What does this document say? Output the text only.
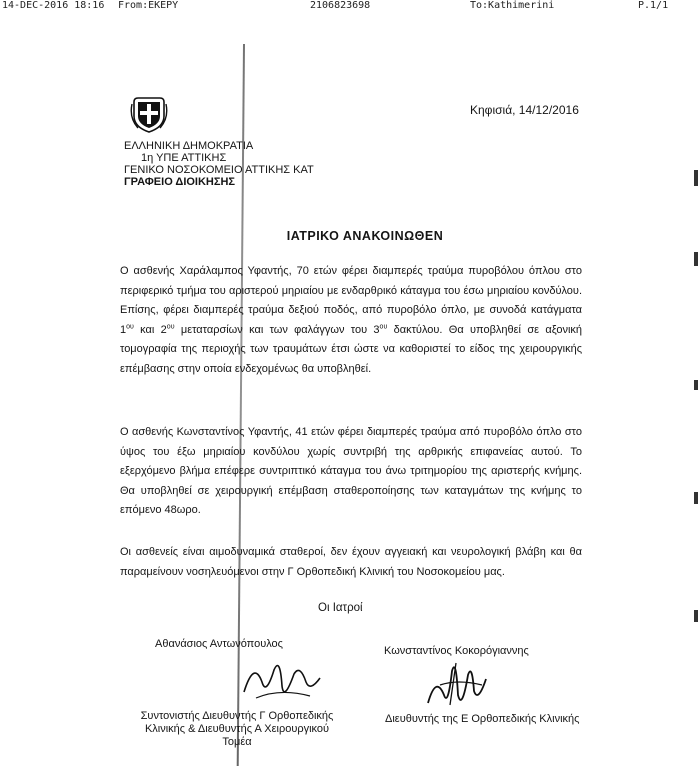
14-DEC-2016 18:16 From:EKEPY	2106823698	To:Kathimerini	P.1/1
ΕΛΛΗΝΙΚΗ ΔΗΜΟΚΡΑΤΙΑ
1η ΥΠΕ ΑΤΤΙΚΗΣ
ΓΕΝΙΚΟ ΝΟΣΟΚΟΜΕΙΟ ΑΤΤΙΚΗΣ ΚΑΤ
ΓΡΑΦΕΙΟ ΔΙΟΙΚΗΣΗΣ
Κηφισιά, 14/12/2016
ΙΑΤΡΙΚΟ ΑΝΑΚΟΙΝΩΘΕΝ
Ο ασθενής Χαράλαμπος Υφαντής, 70 ετών φέρει διαμπερές τραύμα πυροβόλου όπλου στο περιφερικό τμήμα του αριστερού μηριαίου με ενδαρθρικό κάταγμα του έσω μηριαίου κονδύλου. Επίσης, φέρει διαμπερές τραύμα δεξιού ποδός, από πυροβόλο όπλο, με συνοδά κατάγματα $1^{o\upsilon}$ και $2^{o\upsilon}$ μεταταρσίων και των φαλάγγων του $3^{o\upsilon}$ δακτύλου. Θα υποβληθεί σε αξονική τομογραφία της περιοχής των τραυμάτων έτσι ώστε να καθοριστεί το είδος της χειρουργικής επέμβασης στην οποία ενδεχομένως θα υποβληθεί.
Ο ασθενής Κωνσταντίνος Υφαντής, 41 ετών φέρει διαμπερές τραύμα από πυροβόλο όπλο στο ύψος του έξω μηριαίου κονδύλου χωρίς συντριβή της αρθρικής επιφανείας αυτού. Το εξερχόμενο βλήμα επέφερε συντριπτικό κάταγμα του άνω τριτημορίου της αριστερής κνήμης. Θα υποβληθεί σε χειρουργική επέμβαση σταθεροποίησης των καταγμάτων της κνήμης το επόμενο 48ωρο.
Οι ασθενείς είναι αιμοδυναμικά σταθεροί, δεν έχουν αγγειακή και νευρολογική βλάβη και θα παραμείνουν νοσηλευόμενοι στην Γ Ορθοπεδική Κλινική του Νοσοκομείου μας.
Οι Ιατροί
Αθανάσιος Αντωνόπουλος
Κωνσταντίνος Κοκορόγιαννης
Συντονιστής Διευθυντής Γ Ορθοπεδικής
Κλινικής & Διευθυντής Α Χειρουργικού
Τομέα
Διευθυντής της Ε Ορθοπεδικής Κλινικής
